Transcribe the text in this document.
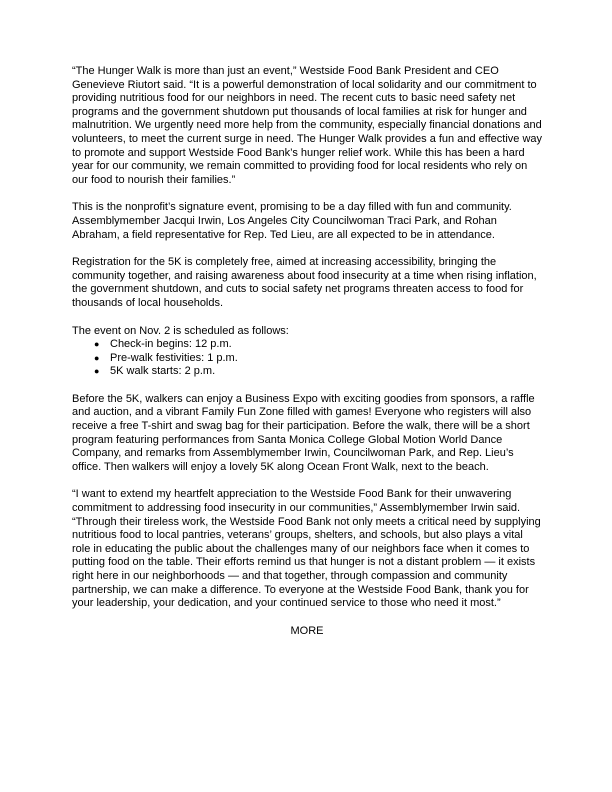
“The Hunger Walk is more than just an event,” Westside Food Bank President and CEO Genevieve Riutort said. “It is a powerful demonstration of local solidarity and our commitment to providing nutritious food for our neighbors in need. The recent cuts to basic need safety net programs and the government shutdown put thousands of local families at risk for hunger and malnutrition. We urgently need more help from the community, especially financial donations and volunteers, to meet the current surge in need. The Hunger Walk provides a fun and effective way to promote and support Westside Food Bank’s hunger relief work. While this has been a hard year for our community, we remain committed to providing food for local residents who rely on our food to nourish their families.”

This is the nonprofit’s signature event, promising to be a day filled with fun and community. Assemblymember Jacqui Irwin, Los Angeles City Councilwoman Traci Park, and Rohan Abraham, a field representative for Rep. Ted Lieu, are all expected to be in attendance.

Registration for the 5K is completely free, aimed at increasing accessibility, bringing the community together, and raising awareness about food insecurity at a time when rising inflation, the government shutdown, and cuts to social safety net programs threaten access to food for thousands of local households.

The event on Nov. 2 is scheduled as follows:

● Check-in begins: 12 p.m.
● Pre-walk festivities: 1 p.m.
● 5K walk starts: 2 p.m.

Before the 5K, walkers can enjoy a Business Expo with exciting goodies from sponsors, a raffle and auction, and a vibrant Family Fun Zone filled with games! Everyone who registers will also receive a free T-shirt and swag bag for their participation. Before the walk, there will be a short program featuring performances from Santa Monica College Global Motion World Dance Company, and remarks from Assemblymember Irwin, Councilwoman Park, and Rep. Lieu’s office. Then walkers will enjoy a lovely 5K along Ocean Front Walk, next to the beach.

“I want to extend my heartfelt appreciation to the Westside Food Bank for their unwavering commitment to addressing food insecurity in our communities,” Assemblymember Irwin said. “Through their tireless work, the Westside Food Bank not only meets a critical need by supplying nutritious food to local pantries, veterans’ groups, shelters, and schools, but also plays a vital role in educating the public about the challenges many of our neighbors face when it comes to putting food on the table. Their efforts remind us that hunger is not a distant problem — it exists right here in our neighborhoods — and that together, through compassion and community partnership, we can make a difference. To everyone at the Westside Food Bank, thank you for your leadership, your dedication, and your continued service to those who need it most.”

MORE
